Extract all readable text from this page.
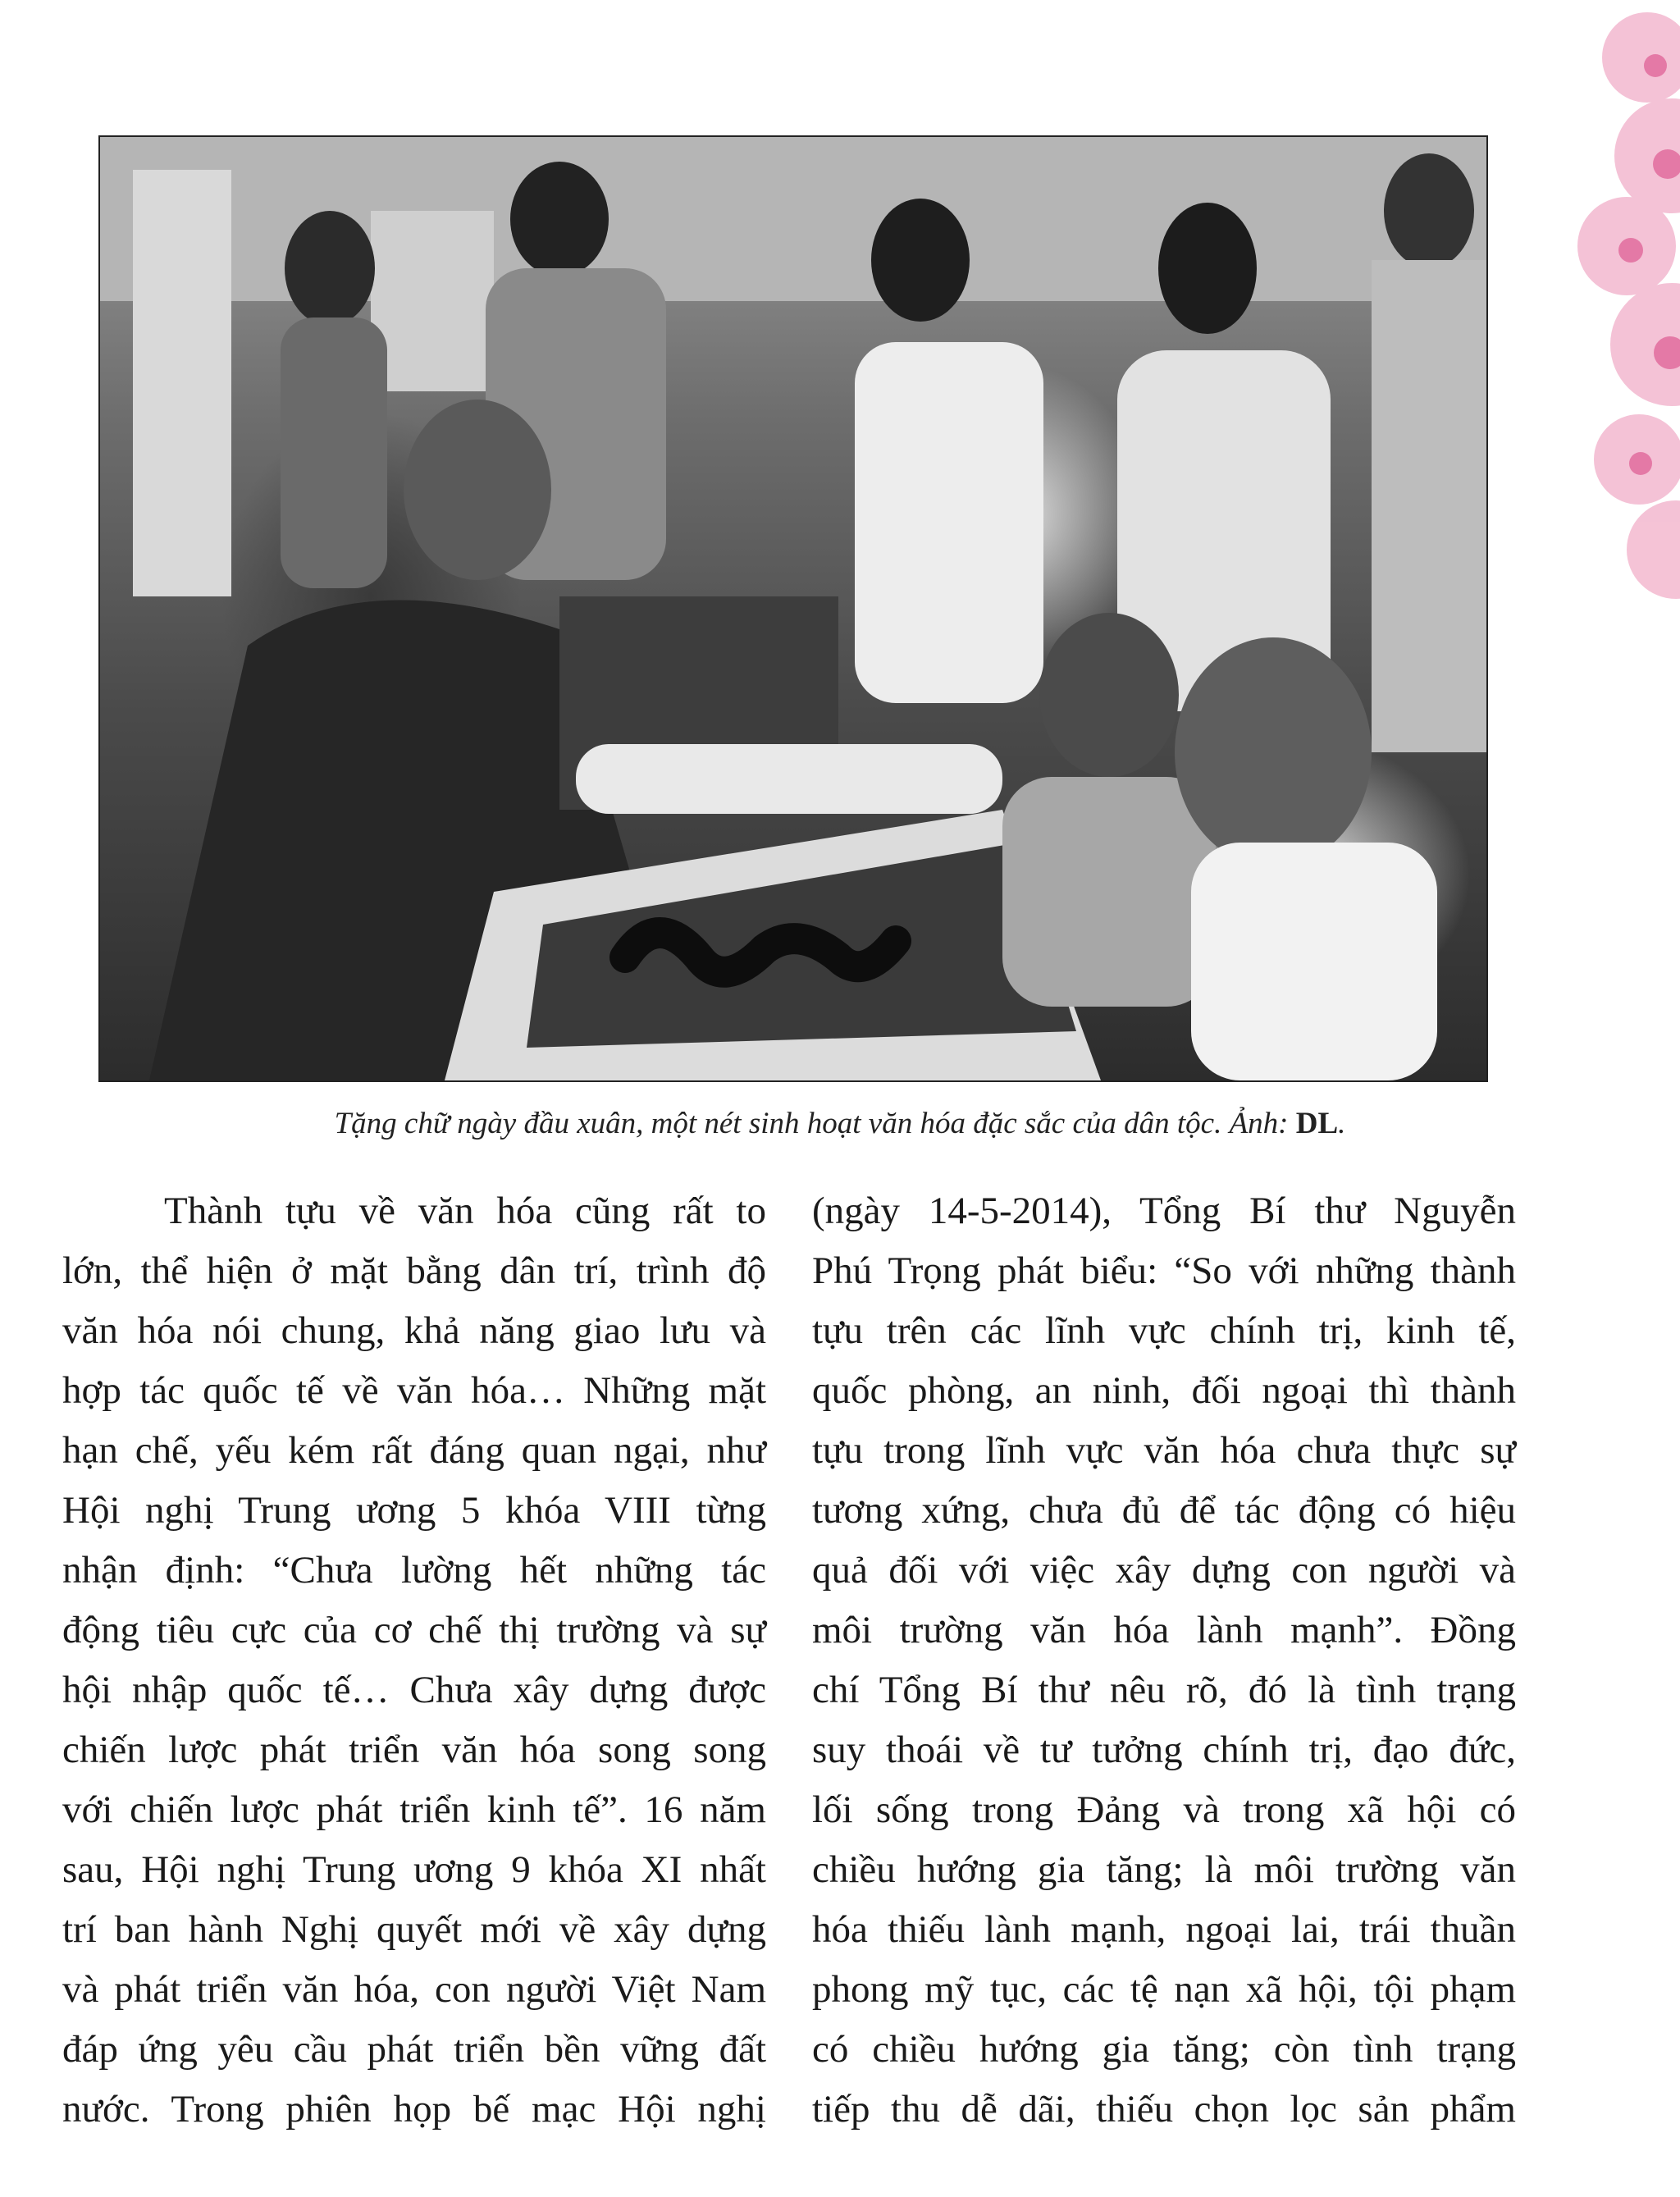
Tặng chữ ngày đầu xuân, một nét sinh hoạt văn hóa đặc sắc của dân tộc. Ảnh: DL.
Thành tựu về văn hóa cũng rất to
lớn, thể hiện ở mặt bằng dân trí, trình độ
văn hóa nói chung, khả năng giao lưu và
hợp tác quốc tế về văn hóa… Những mặt
hạn chế, yếu kém rất đáng quan ngại, như
Hội nghị Trung ương 5 khóa VIII từng
nhận định: “Chưa lường hết những tác
động tiêu cực của cơ chế thị trường và sự
hội nhập quốc tế… Chưa xây dựng được
chiến lược phát triển văn hóa song song
với chiến lược phát triển kinh tế”. 16 năm
sau, Hội nghị Trung ương 9 khóa XI nhất
trí ban hành Nghị quyết mới về xây dựng
và phát triển văn hóa, con người Việt Nam
đáp ứng yêu cầu phát triển bền vững đất
nước. Trong phiên họp bế mạc Hội nghị
(ngày 14-5-2014), Tổng Bí thư Nguyễn
Phú Trọng phát biểu: “So với những thành
tựu trên các lĩnh vực chính trị, kinh tế,
quốc phòng, an ninh, đối ngoại thì thành
tựu trong lĩnh vực văn hóa chưa thực sự
tương xứng, chưa đủ để tác động có hiệu
quả đối với việc xây dựng con người và
môi trường văn hóa lành mạnh”. Đồng
chí Tổng Bí thư nêu rõ, đó là tình trạng
suy thoái về tư tưởng chính trị, đạo đức,
lối sống trong Đảng và trong xã hội có
chiều hướng gia tăng; là môi trường văn
hóa thiếu lành mạnh, ngoại lai, trái thuần
phong mỹ tục, các tệ nạn xã hội, tội phạm
có chiều hướng gia tăng; còn tình trạng
tiếp thu dễ dãi, thiếu chọn lọc sản phẩm
